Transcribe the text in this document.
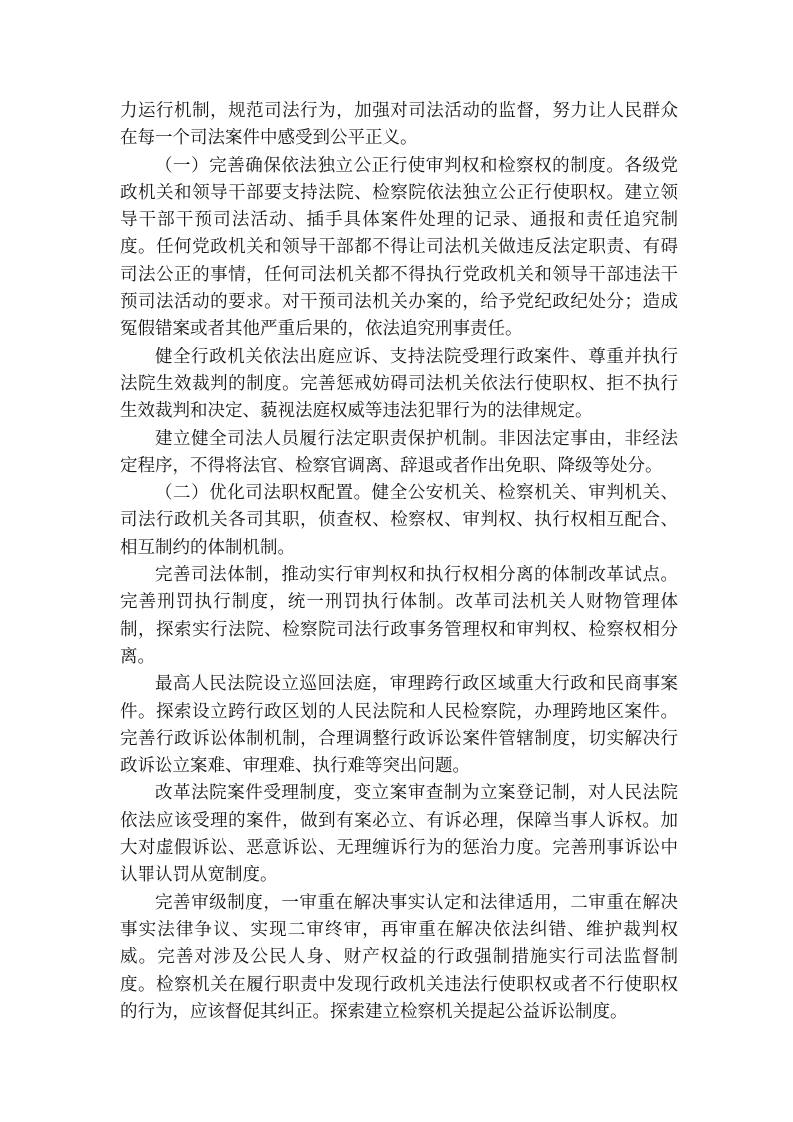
力运行机制，规范司法行为，加强对司法活动的监督，努力让人民群众在每一个司法案件中感受到公平正义。

（一）完善确保依法独立公正行使审判权和检察权的制度。各级党政机关和领导干部要支持法院、检察院依法独立公正行使职权。建立领导干部干预司法活动、插手具体案件处理的记录、通报和责任追究制度。任何党政机关和领导干部都不得让司法机关做违反法定职责、有碍司法公正的事情，任何司法机关都不得执行党政机关和领导干部违法干预司法活动的要求。对干预司法机关办案的，给予党纪政纪处分；造成冤假错案或者其他严重后果的，依法追究刑事责任。

健全行政机关依法出庭应诉、支持法院受理行政案件、尊重并执行法院生效裁判的制度。完善惩戒妨碍司法机关依法行使职权、拒不执行生效裁判和决定、藐视法庭权威等违法犯罪行为的法律规定。

建立健全司法人员履行法定职责保护机制。非因法定事由，非经法定程序，不得将法官、检察官调离、辞退或者作出免职、降级等处分。

（二）优化司法职权配置。健全公安机关、检察机关、审判机关、司法行政机关各司其职，侦查权、检察权、审判权、执行权相互配合、相互制约的体制机制。

完善司法体制，推动实行审判权和执行权相分离的体制改革试点。完善刑罚执行制度，统一刑罚执行体制。改革司法机关人财物管理体制，探索实行法院、检察院司法行政事务管理权和审判权、检察权相分离。

最高人民法院设立巡回法庭，审理跨行政区域重大行政和民商事案件。探索设立跨行政区划的人民法院和人民检察院，办理跨地区案件。完善行政诉讼体制机制，合理调整行政诉讼案件管辖制度，切实解决行政诉讼立案难、审理难、执行难等突出问题。

改革法院案件受理制度，变立案审查制为立案登记制，对人民法院依法应该受理的案件，做到有案必立、有诉必理，保障当事人诉权。加大对虚假诉讼、恶意诉讼、无理缠诉行为的惩治力度。完善刑事诉讼中认罪认罚从宽制度。

完善审级制度，一审重在解决事实认定和法律适用，二审重在解决事实法律争议、实现二审终审，再审重在解决依法纠错、维护裁判权威。完善对涉及公民人身、财产权益的行政强制措施实行司法监督制度。检察机关在履行职责中发现行政机关违法行使职权或者不行使职权的行为，应该督促其纠正。探索建立检察机关提起公益诉讼制度。
